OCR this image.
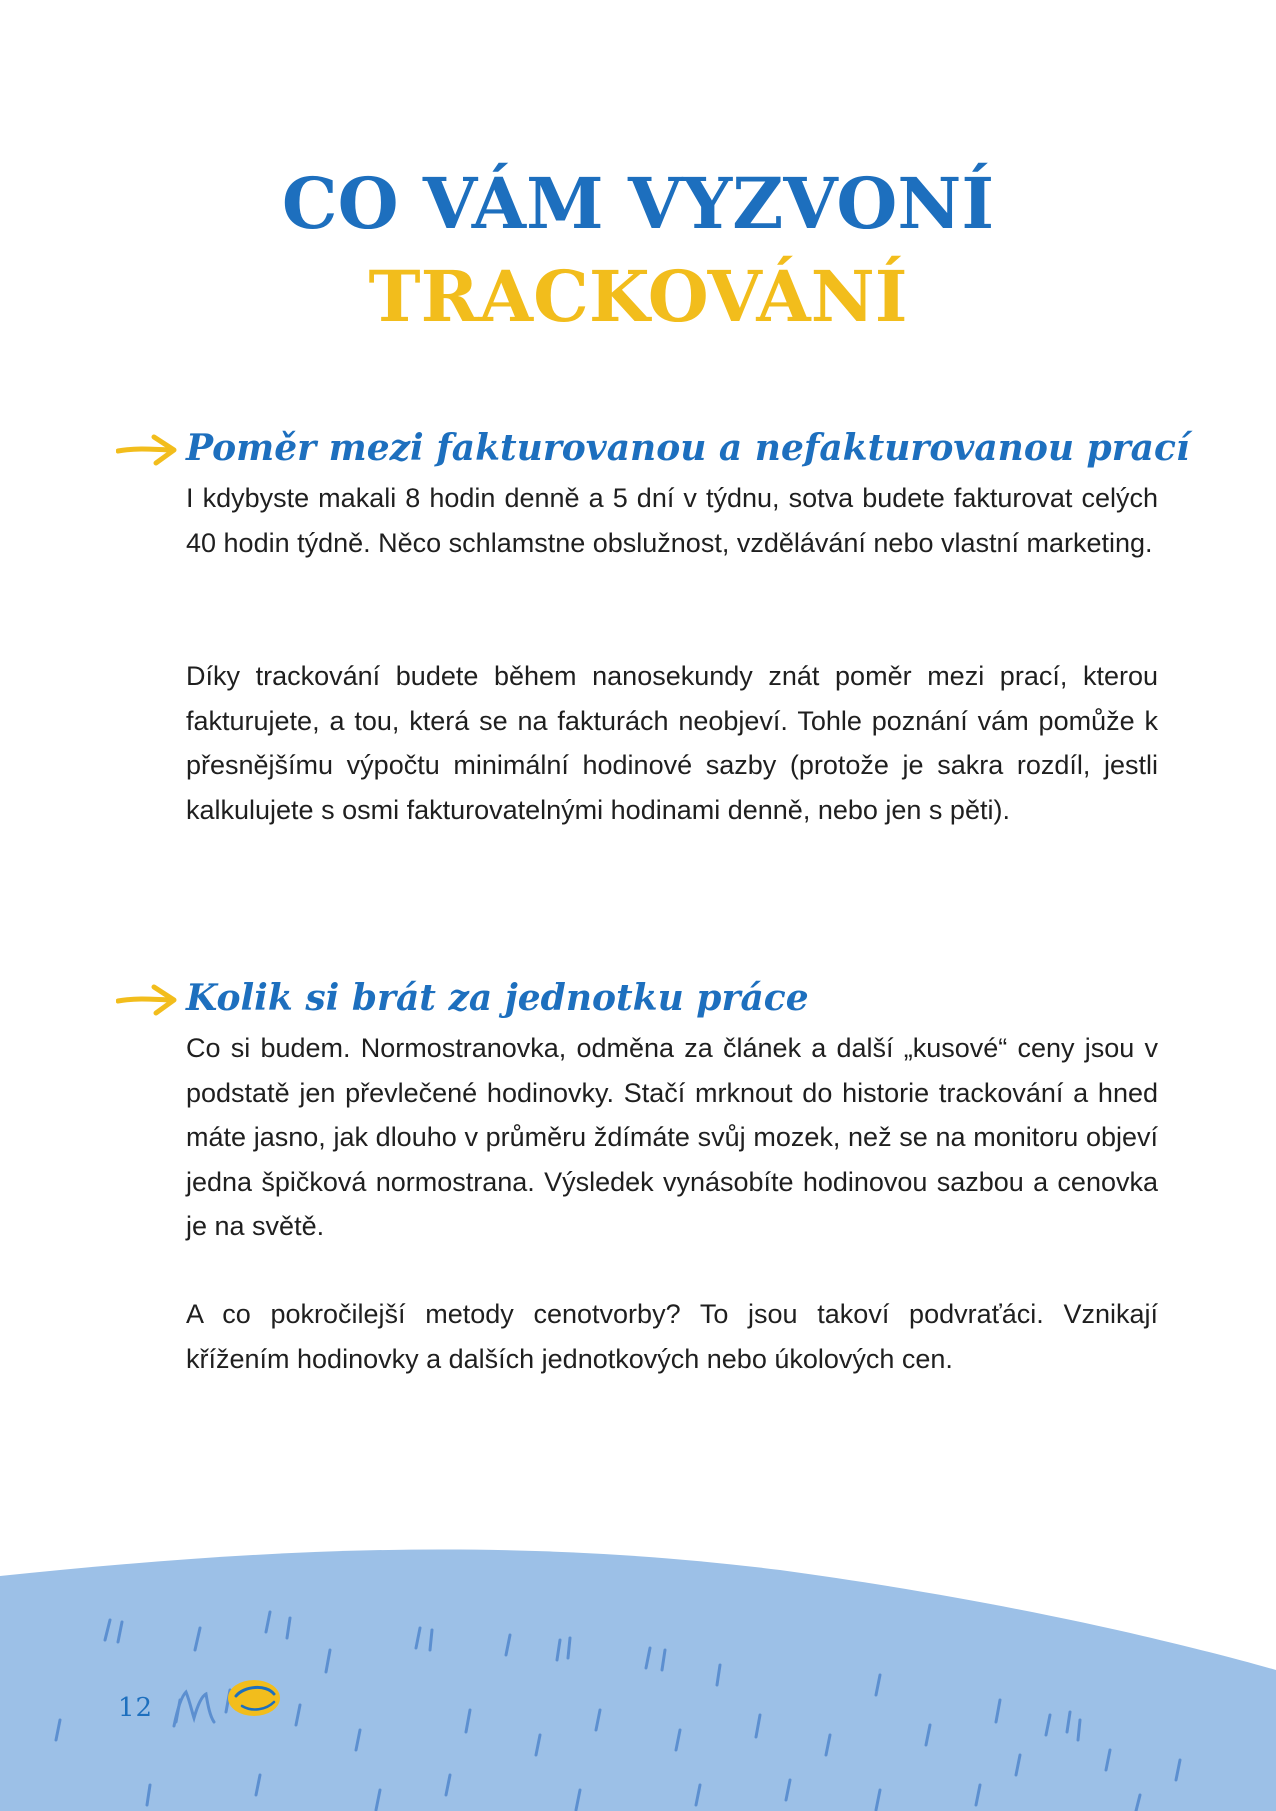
CO VÁM VYZVONÍ
TRACKOVÁNÍ
Poměr mezi fakturovanou a nefakturovanou prací

I kdybyste makali 8 hodin denně a 5 dní v týdnu, sotva budete fakturovat celých 40 hodin týdně. Něco schlamstne obslužnost, vzdělávání nebo vlastní marketing.

Díky trackování budete během nanosekundy znát poměr mezi prací, kterou fakturujete, a tou, která se na fakturách neobjeví. Tohle poznání vám pomůže k přesnějšímu výpočtu minimální hodinové sazby (protože je sakra rozdíl, jestli kalkulujete s osmi fakturovatelnými hodinami denně, nebo jen s pěti).

Kolik si brát za jednotku práce

Co si budem. Normostranovka, odměna za článek a další „kusové“ ceny jsou v podstatě jen převlečené hodinovky. Stačí mrknout do historie trackování a hned máte jasno, jak dlouho v průměru ždímáte svůj mozek, než se na monitoru objeví jedna špičková normostrana. Výsledek vynásobíte hodinovou sazbou a cenovka je na světě.

A co pokročilejší metody cenotvorby? To jsou takoví podvraťáci. Vznikají křížením hodinovky a dalších jednotkových nebo úkolových cen.

12
